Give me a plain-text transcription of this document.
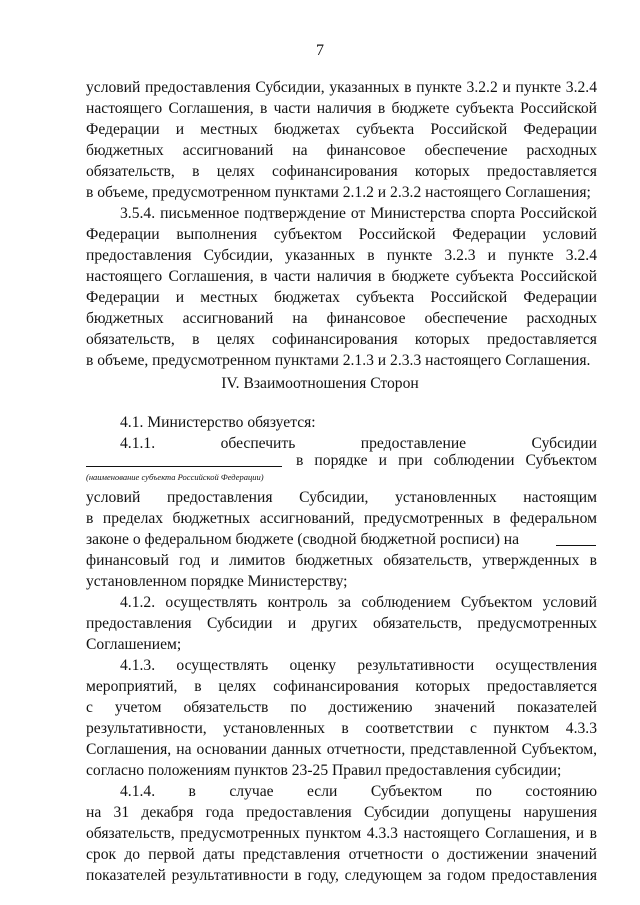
7
условий предоставления Субсидии, указанных в пункте 3.2.2 и пункте 3.2.4
настоящего Соглашения, в части наличия в бюджете субъекта Российской
Федерации и местных бюджетах субъекта Российской Федерации
бюджетных ассигнований на финансовое обеспечение расходных
обязательств, в целях софинансирования которых предоставляется
в объеме, предусмотренном пунктами 2.1.2 и 2.3.2 настоящего Соглашения;
3.5.4. письменное подтверждение от Министерства спорта Российской
Федерации выполнения субъектом Российской Федерации условий
предоставления Субсидии, указанных в пункте 3.2.3 и пункте 3.2.4
настоящего Соглашения, в части наличия в бюджете субъекта Российской
Федерации и местных бюджетах субъекта Российской Федерации
бюджетных ассигнований на финансовое обеспечение расходных
обязательств, в целях софинансирования которых предоставляется
в объеме, предусмотренном пунктами 2.1.3 и 2.3.3 настоящего Соглашения.
IV. Взаимоотношения Сторон
4.1. Министерство обязуется:
4.1.1. обеспечить предоставление Субсидии
в порядке и при соблюдении Субъектом
(наименование субъекта Российской Федерации)
условий предоставления Субсидии, установленных настоящим
в пределах бюджетных ассигнований, предусмотренных в федеральном
законе о федеральном бюджете (сводной бюджетной росписи) на
финансовый год и лимитов бюджетных обязательств, утвержденных в
установленном порядке Министерству;
4.1.2. осуществлять контроль за соблюдением Субъектом условий
предоставления Субсидии и других обязательств, предусмотренных
Соглашением;
4.1.3. осуществлять оценку результативности осуществления
мероприятий, в целях софинансирования которых предоставляется
с учетом обязательств по достижению значений показателей
результативности, установленных в соответствии с пунктом 4.3.3
Соглашения, на основании данных отчетности, представленной Субъектом,
согласно положениям пунктов 23-25 Правил предоставления субсидии;
4.1.4. в случае если Субъектом по состоянию
на 31 декабря года предоставления Субсидии допущены нарушения
обязательств, предусмотренных пунктом 4.3.3 настоящего Соглашения, и в
срок до первой даты представления отчетности о достижении значений
показателей результативности в году, следующем за годом предоставления
